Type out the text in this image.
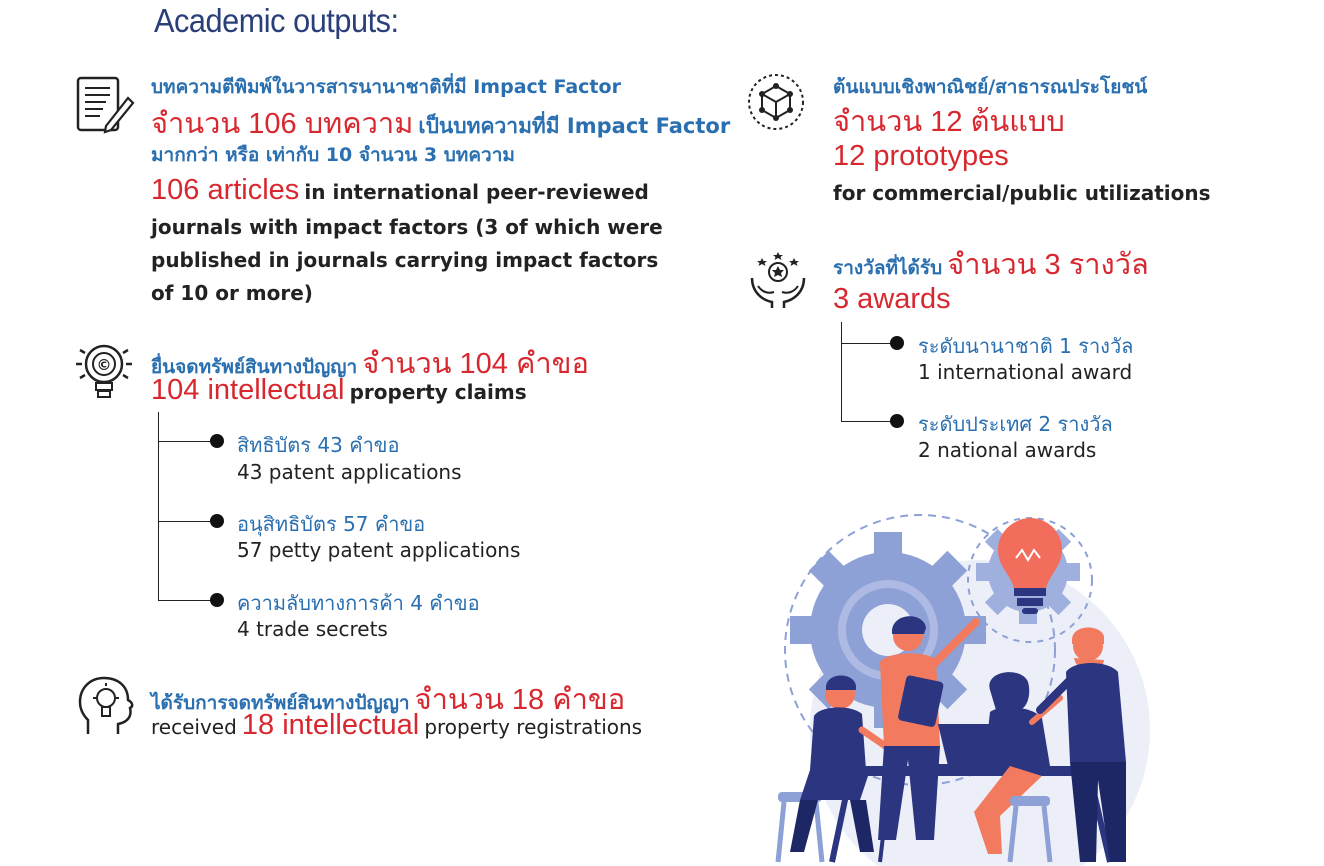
Academic outputs:
บทความตีพิมพ์ในวารสารนานาชาติที่มี Impact Factor
จำนวน 106 บทความ เป็นบทความที่มี Impact Factor
มากกว่า หรือ เท่ากับ 10 จำนวน 3 บทความ
106 articles in international peer-reviewed
journals with impact factors (3 of which were
published in journals carrying impact factors
of 10 or more)
© ยื่นจดทรัพย์สินทางปัญญา จำนวน 104 คำขอ
104 intellectual property claims
สิทธิบัตร 43 คำขอ
43 patent applications
อนุสิทธิบัตร 57 คำขอ
57 petty patent applications
ความลับทางการค้า 4 คำขอ
4 trade secrets
ได้รับการจดทรัพย์สินทางปัญญา จำนวน 18 คำขอ
received 18 intellectual property registrations
ต้นแบบเชิงพาณิชย์/สาธารณประโยชน์
จำนวน 12 ต้นแบบ
12 prototypes
for commercial/public utilizations
รางวัลที่ได้รับ จำนวน 3 รางวัล
3 awards
ระดับนานาชาติ 1 รางวัล
1 international award
ระดับประเทศ 2 รางวัล
2 national awards
